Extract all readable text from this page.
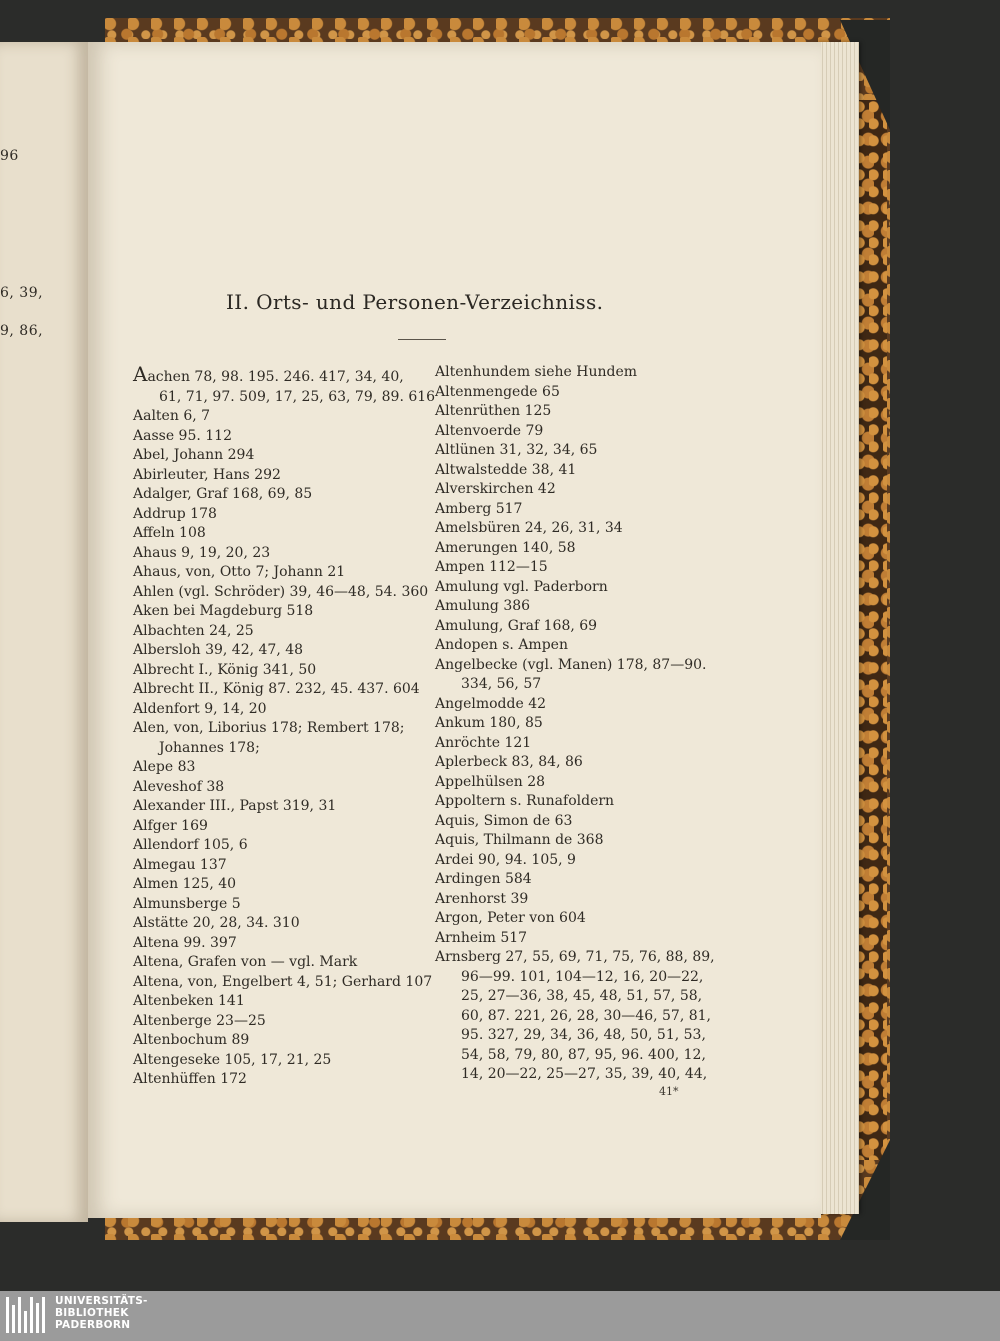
96
6, 39,
9, 86,
II. Orts- und Personen-Verzeichniss.
Aachen 78, 98. 195. 246. 417, 34, 40,
61, 71, 97. 509, 17, 25, 63, 79, 89. 616
Aalten 6, 7
Aasse 95. 112
Abel, Johann 294
Abirleuter, Hans 292
Adalger, Graf 168, 69, 85
Addrup 178
Affeln 108
Ahaus 9, 19, 20, 23
Ahaus, von, Otto 7; Johann 21
Ahlen (vgl. Schröder) 39, 46—48, 54. 360
Aken bei Magdeburg 518
Albachten 24, 25
Albersloh 39, 42, 47, 48
Albrecht I., König 341, 50
Albrecht II., König 87. 232, 45. 437. 604
Aldenfort 9, 14, 20
Alen, von, Liborius 178; Rembert 178;
Johannes 178;
Alepe 83
Aleveshof 38
Alexander III., Papst 319, 31
Alfger 169
Allendorf 105, 6
Almegau 137
Almen 125, 40
Almunsberge 5
Alstätte 20, 28, 34. 310
Altena 99. 397
Altena, Grafen von — vgl. Mark
Altena, von, Engelbert 4, 51; Gerhard 107
Altenbeken 141
Altenberge 23—25
Altenbochum 89
Altengeseke 105, 17, 21, 25
Altenhüffen 172
Altenhundem siehe Hundem
Altenmengede 65
Altenrüthen 125
Altenvoerde 79
Altlünen 31, 32, 34, 65
Altwalstedde 38, 41
Alverskirchen 42
Amberg 517
Amelsbüren 24, 26, 31, 34
Amerungen 140, 58
Ampen 112—15
Amulung vgl. Paderborn
Amulung 386
Amulung, Graf 168, 69
Andopen s. Ampen
Angelbecke (vgl. Manen) 178, 87—90.
334, 56, 57
Angelmodde 42
Ankum 180, 85
Anröchte 121
Aplerbeck 83, 84, 86
Appelhülsen 28
Appoltern s. Runafoldern
Aquis, Simon de 63
Aquis, Thilmann de 368
Ardei 90, 94. 105, 9
Ardingen 584
Arenhorst 39
Argon, Peter von 604
Arnheim 517
Arnsberg 27, 55, 69, 71, 75, 76, 88, 89,
96—99. 101, 104—12, 16, 20—22,
25, 27—36, 38, 45, 48, 51, 57, 58,
60, 87. 221, 26, 28, 30—46, 57, 81,
95. 327, 29, 34, 36, 48, 50, 51, 53,
54, 58, 79, 80, 87, 95, 96. 400, 12,
14, 20—22, 25—27, 35, 39, 40, 44,
41*
UNIVERSITÄTS-
BIBLIOTHEK
PADERBORN
